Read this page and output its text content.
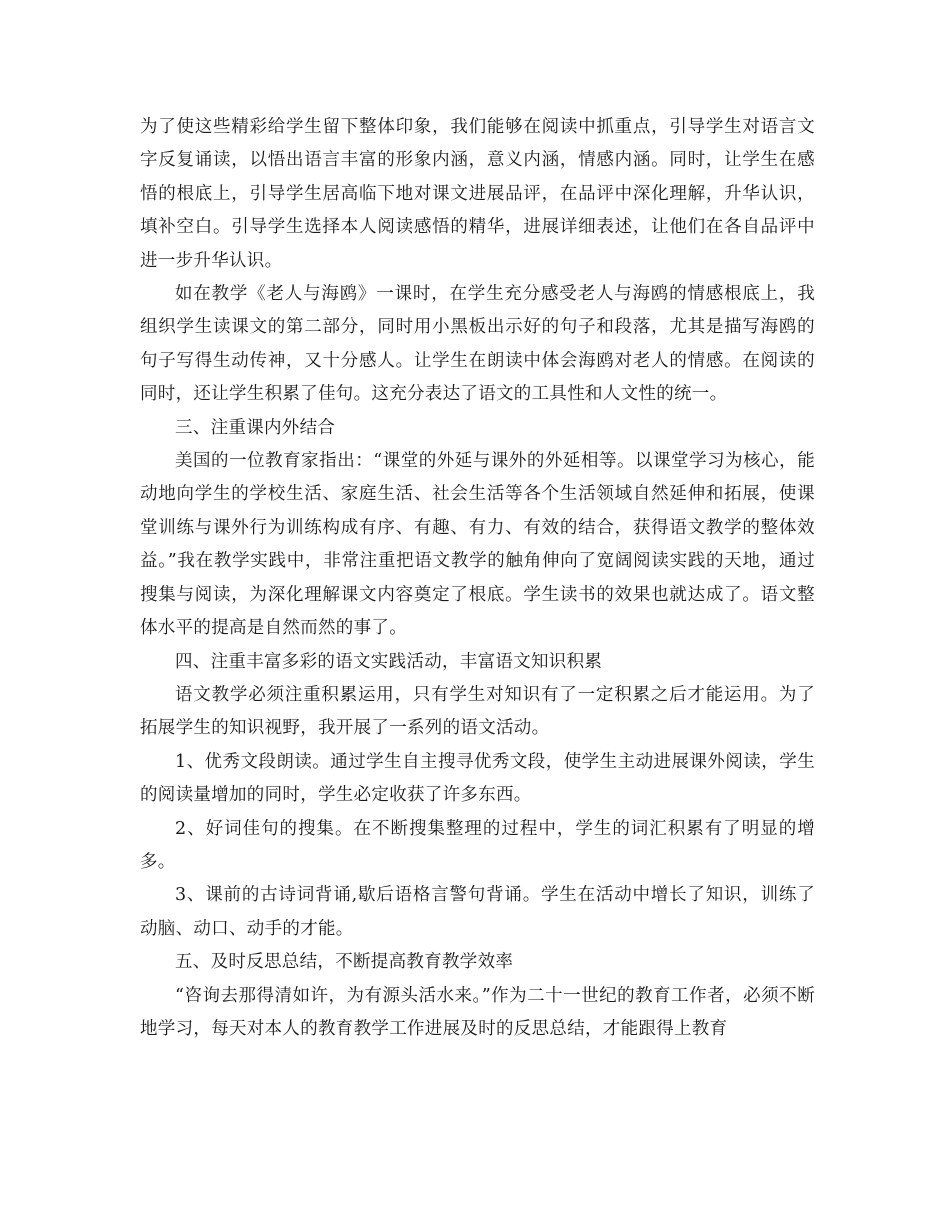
为了使这些精彩给学生留下整体印象，我们能够在阅读中抓重点，引导学生对语言文字反复诵读，以悟出语言丰富的形象内涵，意义内涵，情感内涵。同时，让学生在感悟的根底上，引导学生居高临下地对课文进展品评，在品评中深化理解，升华认识，填补空白。引导学生选择本人阅读感悟的精华，进展详细表述，让他们在各自品评中进一步升华认识。

如在教学《老人与海鸥》一课时，在学生充分感受老人与海鸥的情感根底上，我组织学生读课文的第二部分，同时用小黑板出示好的句子和段落，尤其是描写海鸥的句子写得生动传神，又十分感人。让学生在朗读中体会海鸥对老人的情感。在阅读的同时，还让学生积累了佳句。这充分表达了语文的工具性和人文性的统一。

三、注重课内外结合

美国的一位教育家指出：“课堂的外延与课外的外延相等。以课堂学习为核心，能动地向学生的学校生活、家庭生活、社会生活等各个生活领域自然延伸和拓展，使课堂训练与课外行为训练构成有序、有趣、有力、有效的结合，获得语文教学的整体效益。”我在教学实践中，非常注重把语文教学的触角伸向了宽阔阅读实践的天地，通过搜集与阅读，为深化理解课文内容奠定了根底。学生读书的效果也就达成了。语文整体水平的提高是自然而然的事了。

四、注重丰富多彩的语文实践活动，丰富语文知识积累

语文教学必须注重积累运用，只有学生对知识有了一定积累之后才能运用。为了拓展学生的知识视野，我开展了一系列的语文活动。

1、优秀文段朗读。通过学生自主搜寻优秀文段，使学生主动进展课外阅读，学生的阅读量增加的同时，学生必定收获了许多东西。

2、好词佳句的搜集。在不断搜集整理的过程中，学生的词汇积累有了明显的增多。

3、课前的古诗词背诵,歇后语格言警句背诵。学生在活动中增长了知识，训练了动脑、动口、动手的才能。

五、及时反思总结，不断提高教育教学效率

“咨询去那得清如许，为有源头活水来。”作为二十一世纪的教育工作者，必须不断地学习，每天对本人的教育教学工作进展及时的反思总结，才能跟得上教育
